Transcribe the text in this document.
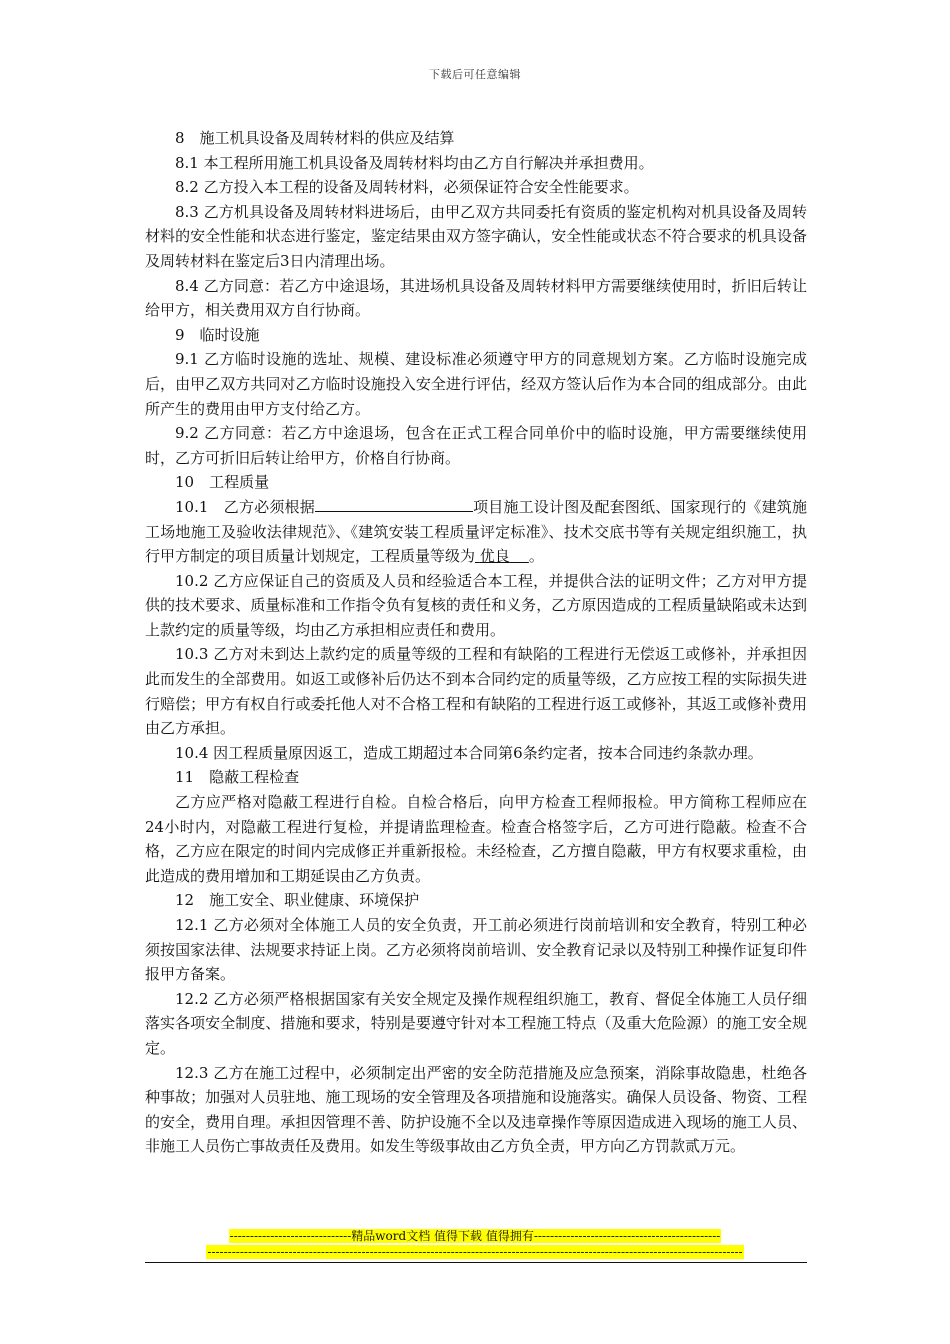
下载后可任意编辑

8　施工机具设备及周转材料的供应及结算

8.1 本工程所用施工机具设备及周转材料均由乙方自行解决并承担费用。

8.2 乙方投入本工程的设备及周转材料，必须保证符合安全性能要求。

8.3 乙方机具设备及周转材料进场后，由甲乙双方共同委托有资质的鉴定机构对机具设备及周转材料的安全性能和状态进行鉴定，鉴定结果由双方签字确认，安全性能或状态不符合要求的机具设备及周转材料在鉴定后3日内清理出场。

8.4 乙方同意：若乙方中途退场，其进场机具设备及周转材料甲方需要继续使用时，折旧后转让给甲方，相关费用双方自行协商。

9　临时设施

9.1 乙方临时设施的选址、规模、建设标准必须遵守甲方的同意规划方案。乙方临时设施完成后，由甲乙双方共同对乙方临时设施投入安全进行评估，经双方签认后作为本合同的组成部分。由此所产生的费用由甲方支付给乙方。

9.2 乙方同意：若乙方中途退场，包含在正式工程合同单价中的临时设施，甲方需要继续使用时，乙方可折旧后转让给甲方，价格自行协商。

10　工程质量

10.1　乙方必须根据	项目施工设计图及配套图纸、国家现行的《建筑施工场地施工及验收法律规范》、《建筑安装工程质量评定标准》、技术交底书等有关规定组织施工，执行甲方制定的项目质量计划规定，工程质量等级为 优良 。

10.2 乙方应保证自己的资质及人员和经验适合本工程，并提供合法的证明文件；乙方对甲方提供的技术要求、质量标准和工作指令负有复核的责任和义务，乙方原因造成的工程质量缺陷或未达到上款约定的质量等级，均由乙方承担相应责任和费用。

10.3 乙方对未到达上款约定的质量等级的工程和有缺陷的工程进行无偿返工或修补，并承担因此而发生的全部费用。如返工或修补后仍达不到本合同约定的质量等级，乙方应按工程的实际损失进行赔偿；甲方有权自行或委托他人对不合格工程和有缺陷的工程进行返工或修补，其返工或修补费用由乙方承担。

10.4 因工程质量原因返工，造成工期超过本合同第6条约定者，按本合同违约条款办理。

11　隐蔽工程检查

乙方应严格对隐蔽工程进行自检。自检合格后，向甲方检查工程师报检。甲方简称工程师应在24小时内，对隐蔽工程进行复检，并提请监理检查。检查合格签字后，乙方可进行隐蔽。检查不合格，乙方应在限定的时间内完成修正并重新报检。未经检查，乙方擅自隐蔽，甲方有权要求重检，由此造成的费用增加和工期延误由乙方负责。

12　施工安全、职业健康、环境保护

12.1 乙方必须对全体施工人员的安全负责，开工前必须进行岗前培训和安全教育，特别工种必须按国家法律、法规要求持证上岗。乙方必须将岗前培训、安全教育记录以及特别工种操作证复印件报甲方备案。

12.2 乙方必须严格根据国家有关安全规定及操作规程组织施工，教育、督促全体施工人员仔细落实各项安全制度、措施和要求，特别是要遵守针对本工程施工特点（及重大危险源）的施工安全规定。

12.3 乙方在施工过程中，必须制定出严密的安全防范措施及应急预案，消除事故隐患，杜绝各种事故；加强对人员驻地、施工现场的安全管理及各项措施和设施落实。确保人员设备、物资、工程的安全，费用自理。承担因管理不善、防护设施不全以及违章操作等原因造成进入现场的施工人员、非施工人员伤亡事故责任及费用。如发生等级事故由乙方负全责，甲方向乙方罚款贰万元。

------------------------------精品word文档 值得下载 值得拥有----------------------------------------------
------------------------------------------------------------------------------------------------------------------------------------
